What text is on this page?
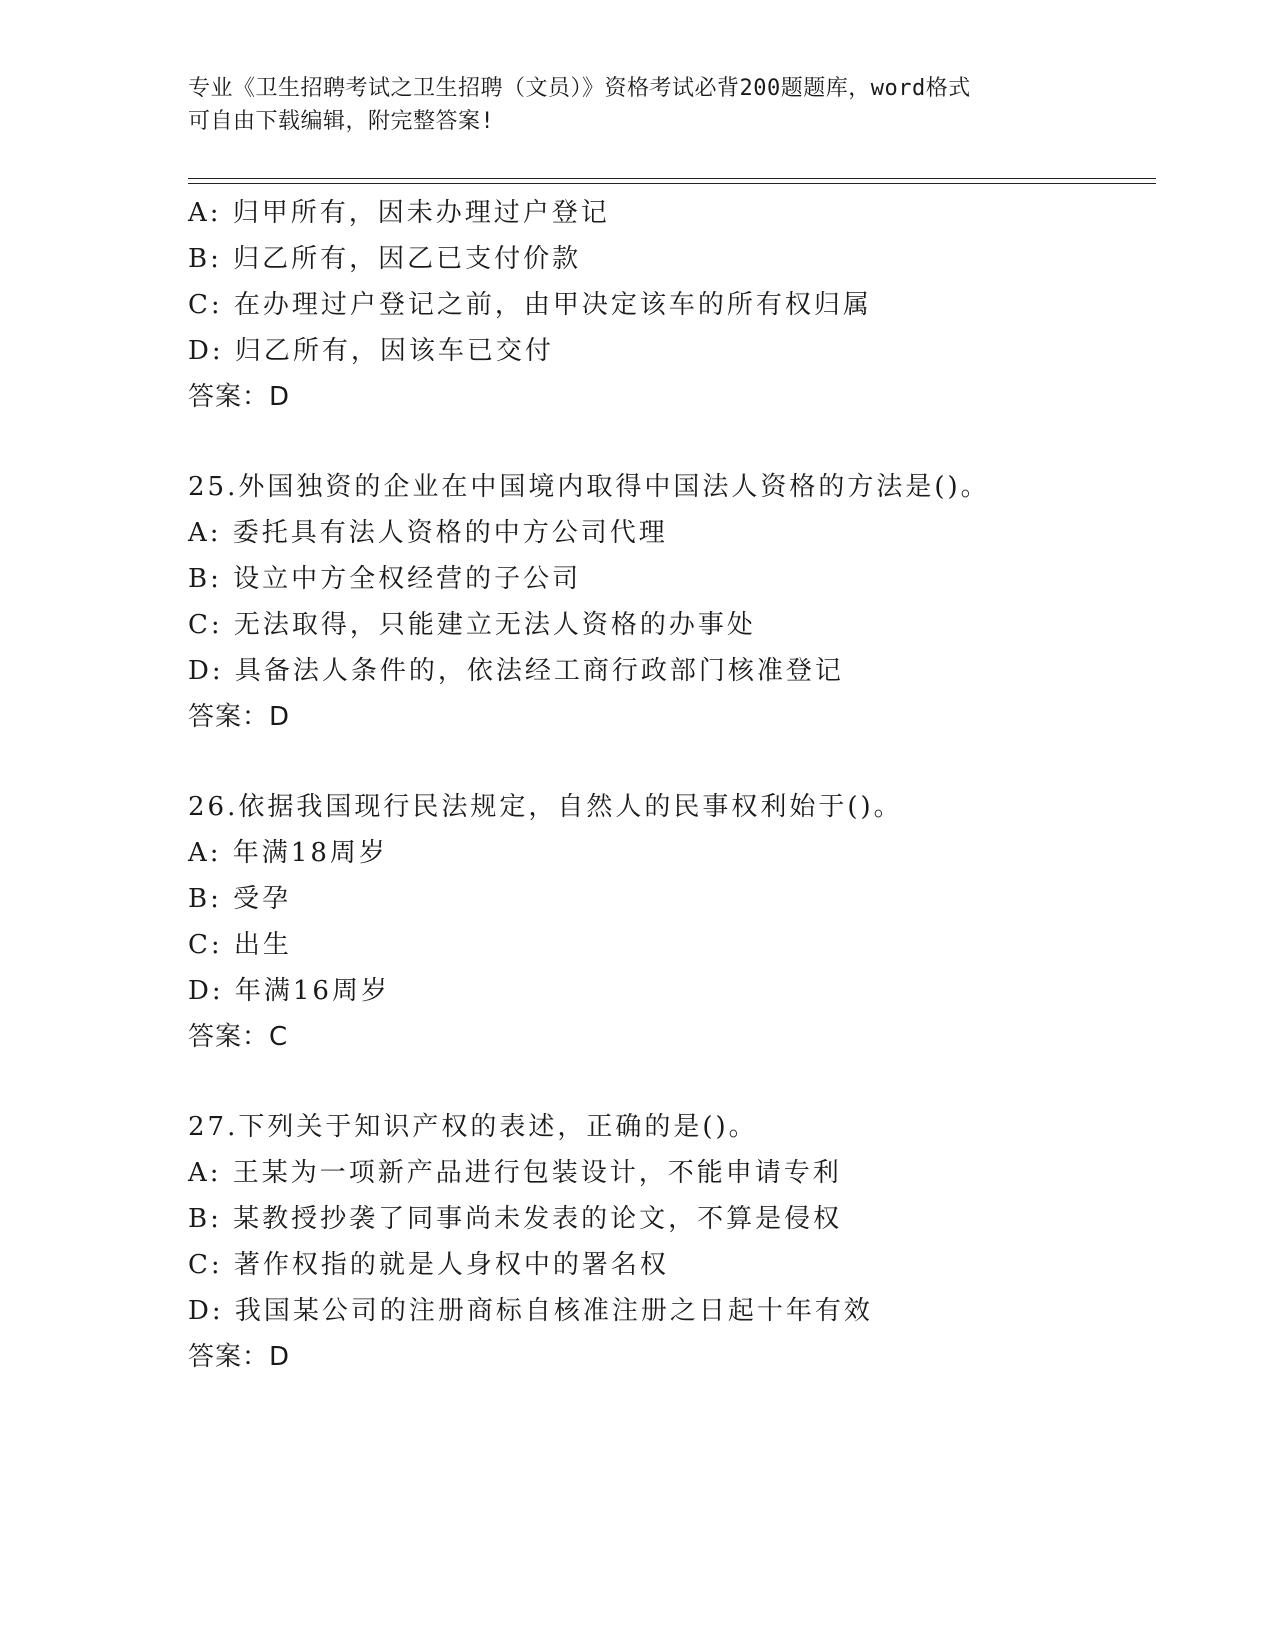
专业《卫生招聘考试之卫生招聘（文员）》资格考试必背200题题库，word格式
可自由下载编辑，附完整答案!
A: 归甲所有，因未办理过户登记
B: 归乙所有，因乙已支付价款
C: 在办理过户登记之前，由甲决定该车的所有权归属
D: 归乙所有，因该车已交付
答案：D
25.外国独资的企业在中国境内取得中国法人资格的方法是()。
A: 委托具有法人资格的中方公司代理
B: 设立中方全权经营的子公司
C: 无法取得，只能建立无法人资格的办事处
D: 具备法人条件的，依法经工商行政部门核准登记
答案：D
26.依据我国现行民法规定，自然人的民事权利始于()。
A: 年满18周岁
B: 受孕
C: 出生
D: 年满16周岁
答案：C
27.下列关于知识产权的表述，正确的是()。
A: 王某为一项新产品进行包装设计，不能申请专利
B: 某教授抄袭了同事尚未发表的论文，不算是侵权
C: 著作权指的就是人身权中的署名权
D: 我国某公司的注册商标自核准注册之日起十年有效
答案：D
